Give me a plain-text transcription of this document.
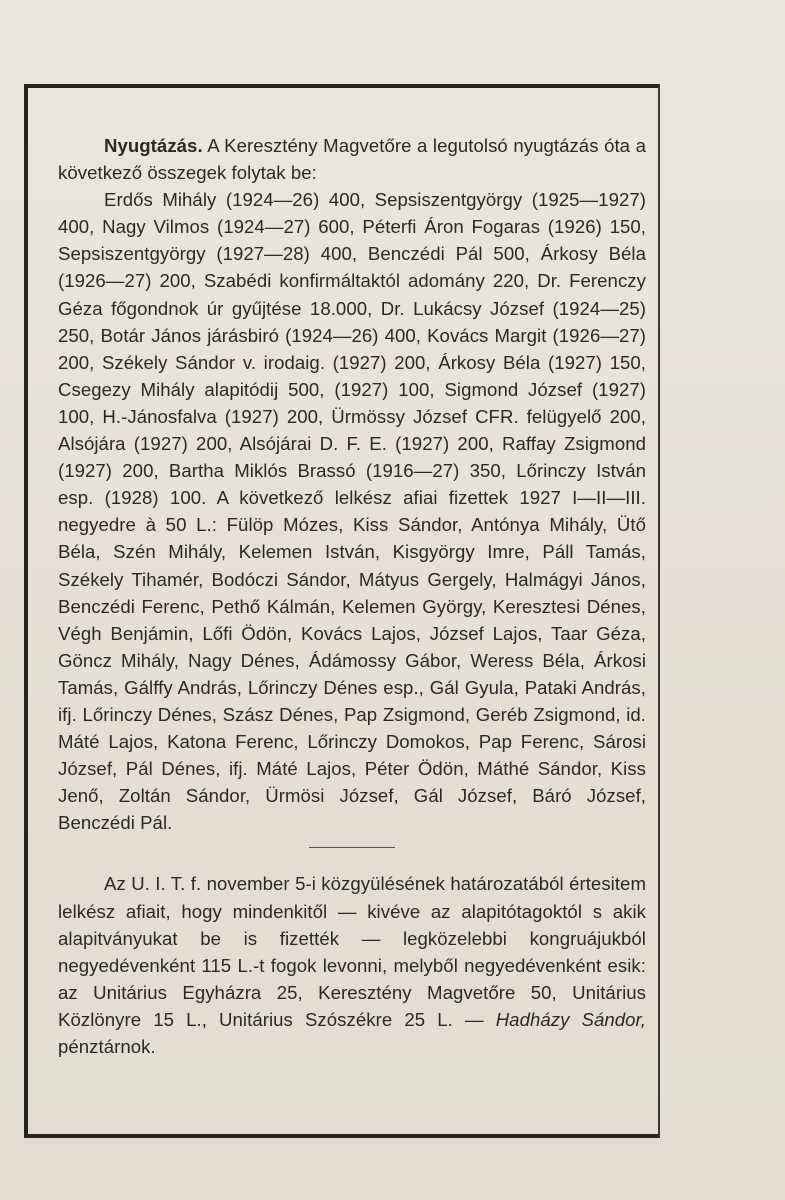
Nyugtázás. A Keresztény Magvetőre a legutolsó nyugtázás óta a következő összegek folytak be:

Erdős Mihály (1924—26) 400, Sepsiszentgyörgy (1925—1927) 400, Nagy Vilmos (1924—27) 600, Péterfi Áron Fogaras (1926) 150, Sepsiszentgyörgy (1927—28) 400, Benczédi Pál 500, Árkosy Béla (1926—27) 200, Szabédi konfirmáltaktól adomány 220, Dr. Ferenczy Géza főgondnok úr gyűjtése 18.000, Dr. Lukácsy József (1924—25) 250, Botár János járásbiró (1924—26) 400, Kovács Margit (1926—27) 200, Székely Sándor v. irodaig. (1927) 200, Árkosy Béla (1927) 150, Csegezy Mihály alapitódij 500, (1927) 100, Sigmond József (1927) 100, H.-Jánosfalva (1927) 200, Ürmössy József CFR. felügyelő 200, Alsójára (1927) 200, Alsójárai D. F. E. (1927) 200, Raffay Zsigmond (1927) 200, Bartha Miklós Brassó (1916—27) 350, Lőrinczy István esp. (1928) 100. A következő lelkész afiai fizettek 1927 I—II—III. negyedre à 50 L.: Fülöp Mózes, Kiss Sándor, Antónya Mihály, Ütő Béla, Szén Mihály, Kelemen István, Kisgyörgy Imre, Páll Tamás, Székely Tihamér, Bodóczi Sándor, Mátyus Gergely, Halmágyi János, Benczédi Ferenc, Pethő Kálmán, Kelemen György, Keresztesi Dénes, Végh Benjámin, Lőfi Ödön, Kovács Lajos, József Lajos, Taar Géza, Göncz Mihály, Nagy Dénes, Ádámossy Gábor, Weress Béla, Árkosi Tamás, Gálffy András, Lőrinczy Dénes esp., Gál Gyula, Pataki András, ifj. Lőrinczy Dénes, Szász Dénes, Pap Zsigmond, Geréb Zsigmond, id. Máté Lajos, Katona Ferenc, Lőrinczy Domokos, Pap Ferenc, Sárosi József, Pál Dénes, ifj. Máté Lajos, Péter Ödön, Máthé Sándor, Kiss Jenő, Zoltán Sándor, Ürmösi József, Gál József, Báró József, Benczédi Pál.

Az U. I. T. f. november 5-i közgyülésének határozatából értesitem lelkész afiait, hogy mindenkitől — kivéve az alapitótagoktól s akik alapitványukat be is fizették — legközelebbi kongruájukból negyedévenként 115 L.-t fogok levonni, melyből negyedévenként esik: az Unitárius Egyházra 25, Keresztény Magvetőre 50, Unitárius Közlönyre 15 L., Unitárius Szószékre 25 L. — Hadházy Sándor, pénztárnok.
